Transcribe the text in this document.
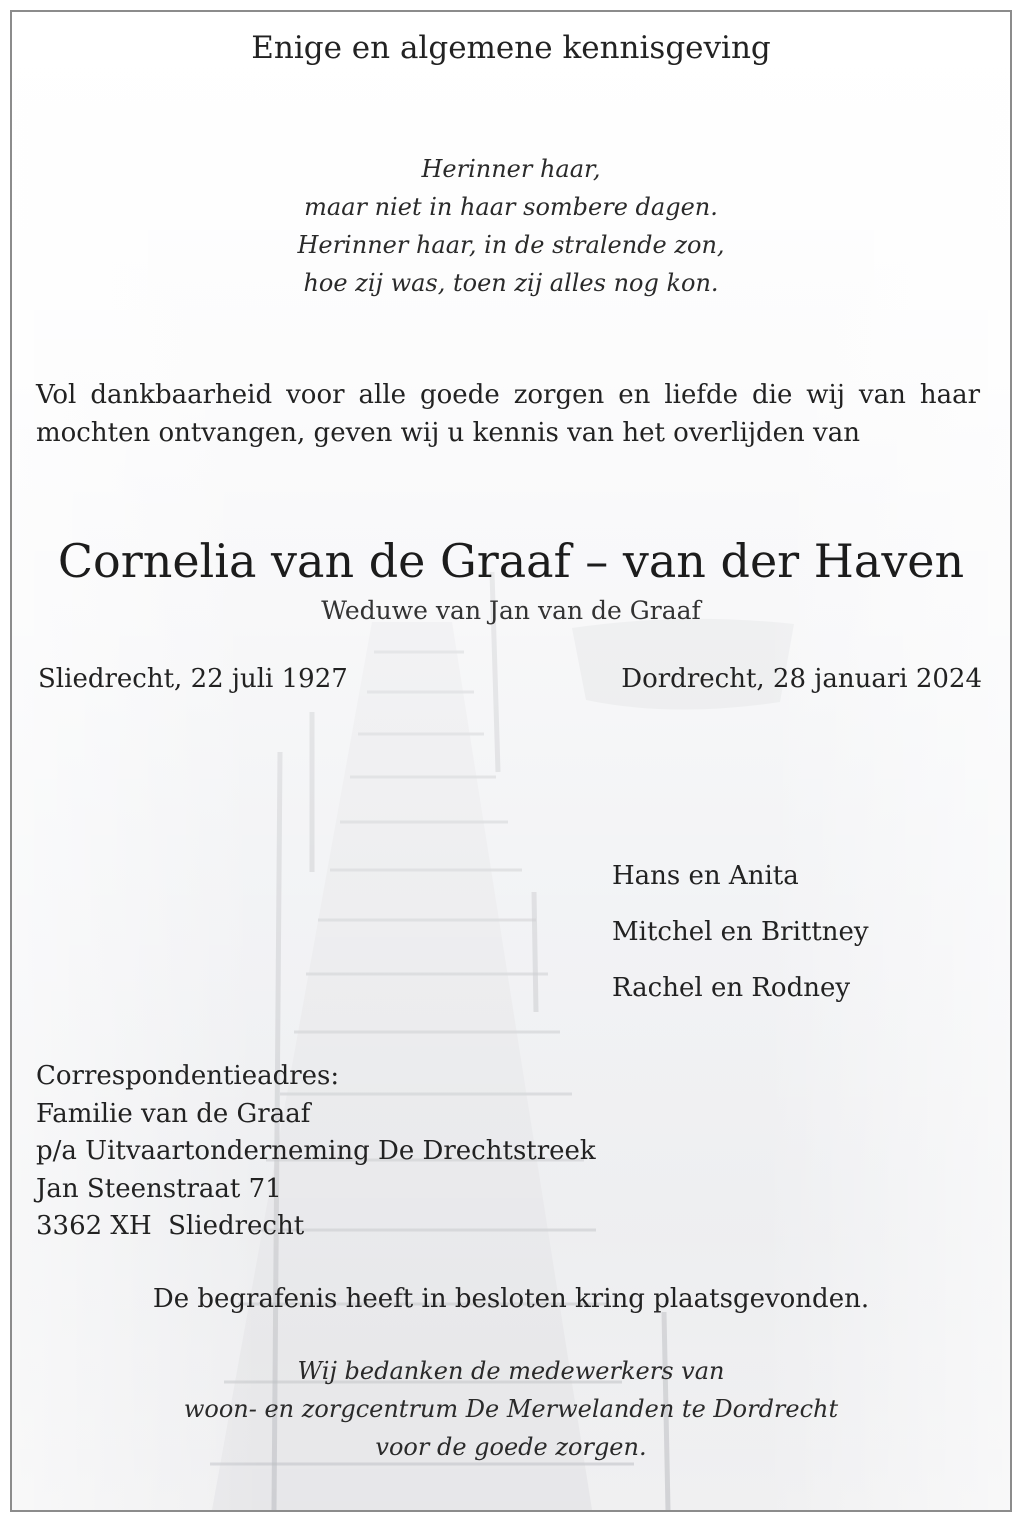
Enige en algemene kennisgeving
Herinner haar,
maar niet in haar sombere dagen.
Herinner haar, in de stralende zon,
hoe zij was, toen zij alles nog kon.

Vol dankbaarheid voor alle goede zorgen en liefde die wij van haar mochten ontvangen, geven wij u kennis van het overlijden van

Cornelia van de Graaf – van der Haven
Weduwe van Jan van de Graaf
Sliedrecht, 22 juli 1927	Dordrecht, 28 januari 2024
Hans en Anita
Mitchel en Brittney
Rachel en Rodney
Correspondentieadres:
Familie van de Graaf
p/a Uitvaartonderneming De Drechtstreek
Jan Steenstraat 71
3362 XH  Sliedrecht
De begrafenis heeft in besloten kring plaatsgevonden.
Wij bedanken de medewerkers van
woon- en zorgcentrum De Merwelanden te Dordrecht
voor de goede zorgen.
